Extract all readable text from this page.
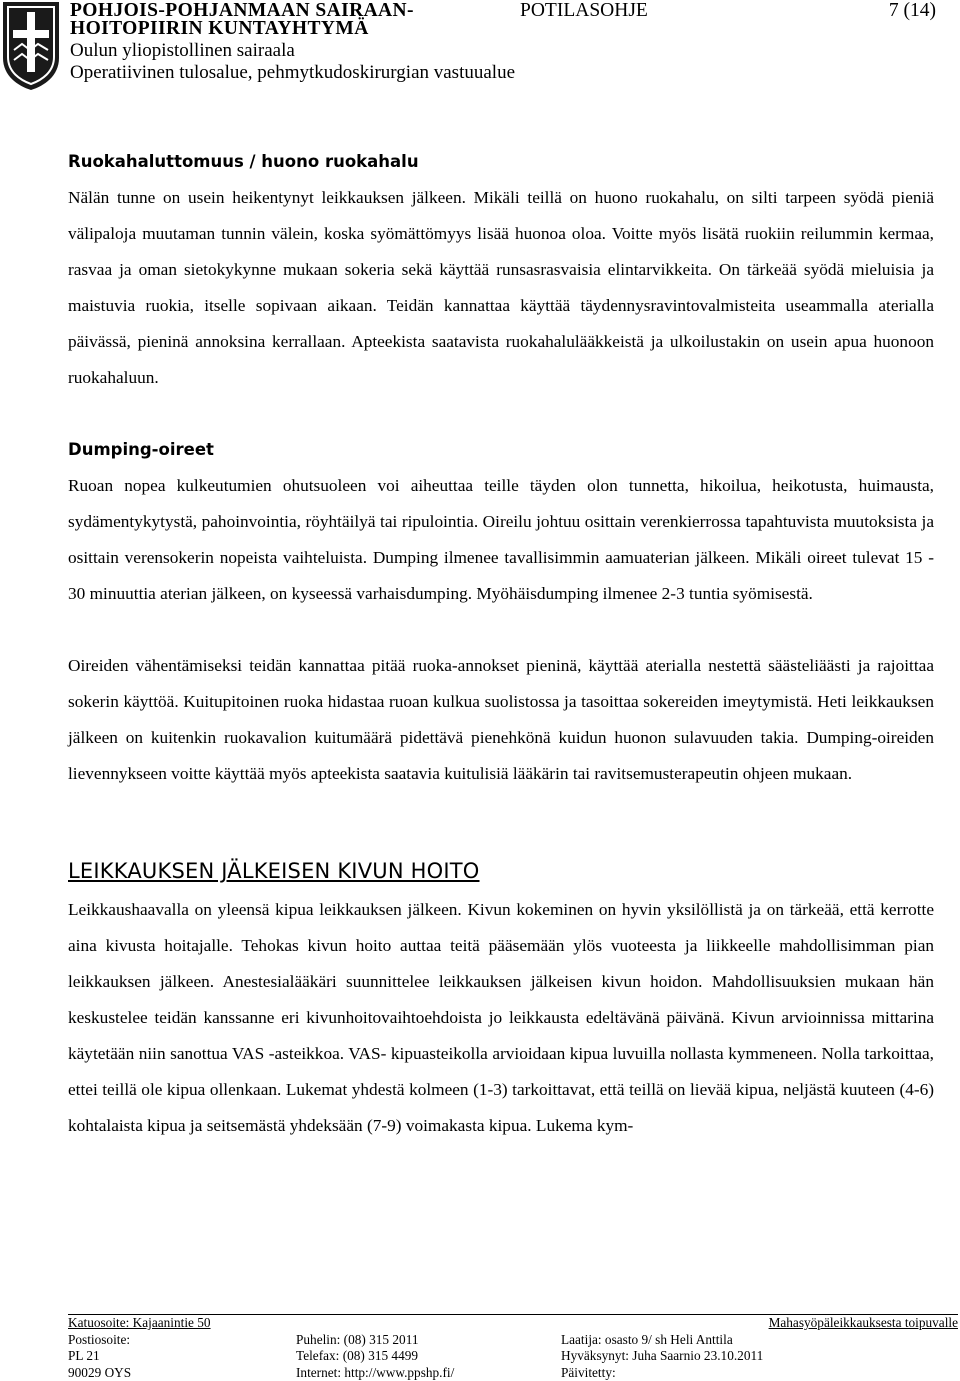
POHJOIS-POHJANMAAN SAIRAAN-
HOITOPIIRIN KUNTAYHTYMÄ
Oulun yliopistollinen sairaala
Operatiivinen tulosalue, pehmytkudoskirurgian vastuualue
POTILASOHJE	7 (14)
Ruokahaluttomuus / huono ruokahalu

Nälän tunne on usein heikentynyt leikkauksen jälkeen. Mikäli teillä on huono ruokahalu, on silti tarpeen syödä pieniä välipaloja muutaman tunnin välein, koska syömättömyys lisää huonoa oloa. Voitte myös lisätä ruokiin reilummin kermaa, rasvaa ja oman sietokykynne mukaan sokeria sekä käyttää runsasrasvaisia elintarvikkeita. On tärkeää syödä mieluisia ja maistuvia ruokia, itselle sopivaan aikaan. Teidän kannattaa käyttää täydennysravintovalmisteita useammalla aterialla päivässä, pieninä annoksina kerrallaan. Apteekista saatavista ruokahalulääkkeistä ja ulkoilustakin on usein apua huonoon ruokahaluun.

Dumping-oireet

Ruoan nopea kulkeutumien ohutsuoleen voi aiheuttaa teille täyden olon tunnetta, hikoilua, heikotusta, huimausta, sydämentykytystä, pahoinvointia, röyhtäilyä tai ripulointia. Oireilu johtuu osittain verenkierrossa tapahtuvista muutoksista ja osittain verensokerin nopeista vaihteluista. Dumping ilmenee tavallisimmin aamuaterian jälkeen. Mikäli oireet tulevat 15 - 30 minuuttia aterian jälkeen, on kyseessä varhaisdumping. Myöhäisdumping ilmenee 2-3 tuntia syömisestä.

Oireiden vähentämiseksi teidän kannattaa pitää ruoka-annokset pieninä, käyttää aterialla nestettä säästeliäästi ja rajoittaa sokerin käyttöä. Kuitupitoinen ruoka hidastaa ruoan kulkua suolistossa ja tasoittaa sokereiden imeytymistä. Heti leikkauksen jälkeen on kuitenkin ruokavalion kuitumäärä pidettävä pienehkönä kuidun huonon sulavuuden takia. Dumping-oireiden lievennykseen voitte käyttää myös apteekista saatavia kuitulisiä lääkärin tai ravitsemusterapeutin ohjeen mukaan.

LEIKKAUKSEN JÄLKEISEN KIVUN HOITO

Leikkaushaavalla on yleensä kipua leikkauksen jälkeen. Kivun kokeminen on hyvin yksilöllistä ja on tärkeää, että kerrotte aina kivusta hoitajalle. Tehokas kivun hoito auttaa teitä pääsemään ylös vuoteesta ja liikkeelle mahdollisimman pian leikkauksen jälkeen. Anestesialääkäri suunnittelee leikkauksen jälkeisen kivun hoidon. Mahdollisuuksien mukaan hän keskustelee teidän kanssanne eri kivunhoitovaihtoehdoista jo leikkausta edeltävänä päivänä. Kivun arvioinnissa mittarina käytetään niin sanottua VAS -asteikkoa. VAS- kipuasteikolla arvioidaan kipua luvuilla nollasta kymmeneen. Nolla tarkoittaa, ettei teillä ole kipua ollenkaan. Lukemat yhdestä kolmeen (1-3) tarkoittavat, että teillä on lievää kipua, neljästä kuuteen (4-6) kohtalaista kipua ja seitsemästä yhdeksään (7-9) voimakasta kipua. Lukema kym-

Katuosoite: Kajaanintie 50
Postiosoite:
PL 21
90029 OYS

Puhelin: (08) 315 2011
Telefax: (08) 315 4499
Internet: http://www.ppshp.fi/

Laatija: osasto 9/ sh Heli Anttila
Hyväksynyt: Juha Saarnio 23.10.2011
Päivitetty:
Mahasyöpäleikkauksesta toipuvalle
